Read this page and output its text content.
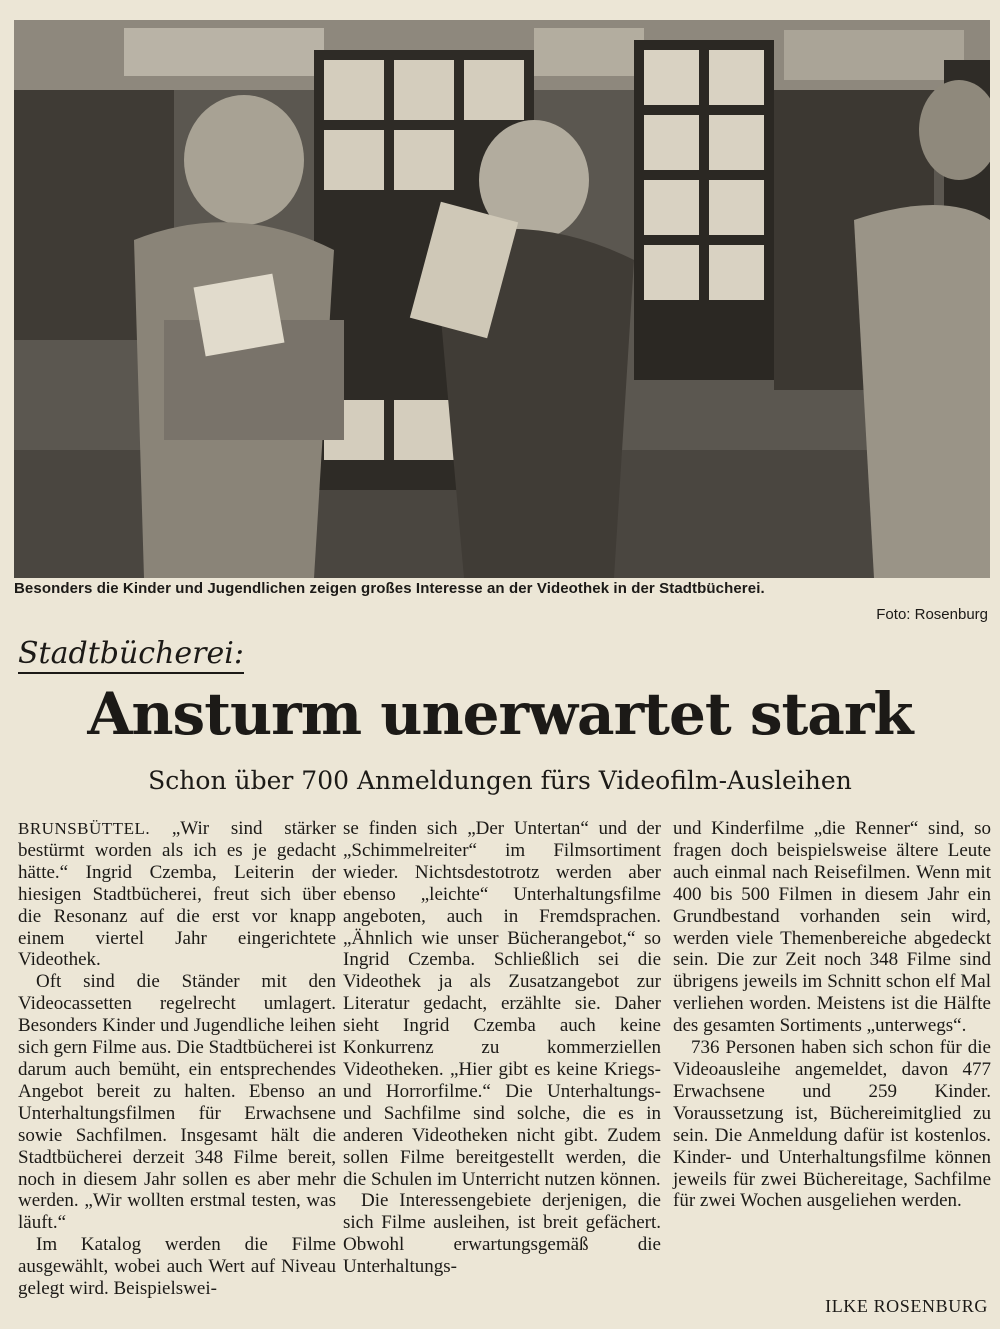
Besonders die Kinder und Jugendlichen zeigen großes Interesse an der Videothek in der Stadtbücherei.
Foto: Rosenburg
Stadtbücherei:
Ansturm unerwartet stark
Schon über 700 Anmeldungen fürs Videofilm-Ausleihen

BRUNSBÜTTEL. „Wir sind stärker bestürmt worden als ich es je gedacht hätte.“ Ingrid Czemba, Leiterin der hiesigen Stadtbücherei, freut sich über die Resonanz auf die erst vor knapp einem viertel Jahr eingerichtete Videothek.

Oft sind die Ständer mit den Videocassetten regelrecht umlagert. Besonders Kinder und Jugendliche leihen sich gern Filme aus. Die Stadtbücherei ist darum auch bemüht, ein entsprechendes Angebot bereit zu halten. Ebenso an Unterhaltungsfilmen für Erwachsene sowie Sachfilmen. Insgesamt hält die Stadtbücherei derzeit 348 Filme bereit, noch in diesem Jahr sollen es aber mehr werden. „Wir wollten erstmal testen, was läuft.“

Im Katalog werden die Filme ausgewählt, wobei auch Wert auf Niveau gelegt wird. Beispielswei-

se finden sich „Der Untertan“ und der „Schimmelreiter“ im Filmsortiment wieder. Nichtsdestotrotz werden aber ebenso „leichte“ Unterhaltungsfilme angeboten, auch in Fremdsprachen. „Ähnlich wie unser Bücherangebot,“ so Ingrid Czemba. Schließlich sei die Videothek ja als Zusatzangebot zur Literatur gedacht, erzählte sie. Daher sieht Ingrid Czemba auch keine Konkurrenz zu kommerziellen Videotheken. „Hier gibt es keine Kriegs- und Horrorfilme.“ Die Unterhaltungs- und Sachfilme sind solche, die es in anderen Videotheken nicht gibt. Zudem sollen Filme bereitgestellt werden, die die Schulen im Unterricht nutzen können.

Die Interessengebiete derjenigen, die sich Filme ausleihen, ist breit gefächert. Obwohl erwartungsgemäß die Unterhaltungs-

und Kinderfilme „die Renner“ sind, so fragen doch beispielsweise ältere Leute auch einmal nach Reisefilmen. Wenn mit 400 bis 500 Filmen in diesem Jahr ein Grundbestand vorhanden sein wird, werden viele Themenbereiche abgedeckt sein. Die zur Zeit noch 348 Filme sind übrigens jeweils im Schnitt schon elf Mal verliehen worden. Meistens ist die Hälfte des gesamten Sortiments „unterwegs“.

736 Personen haben sich schon für die Videoausleihe angemeldet, davon 477 Erwachsene und 259 Kinder. Voraussetzung ist, Büchereimitglied zu sein. Die Anmeldung dafür ist kostenlos. Kinder- und Unterhaltungsfilme können jeweils für zwei Büchereitage, Sachfilme für zwei Wochen ausgeliehen werden.

ILKE ROSENBURG
